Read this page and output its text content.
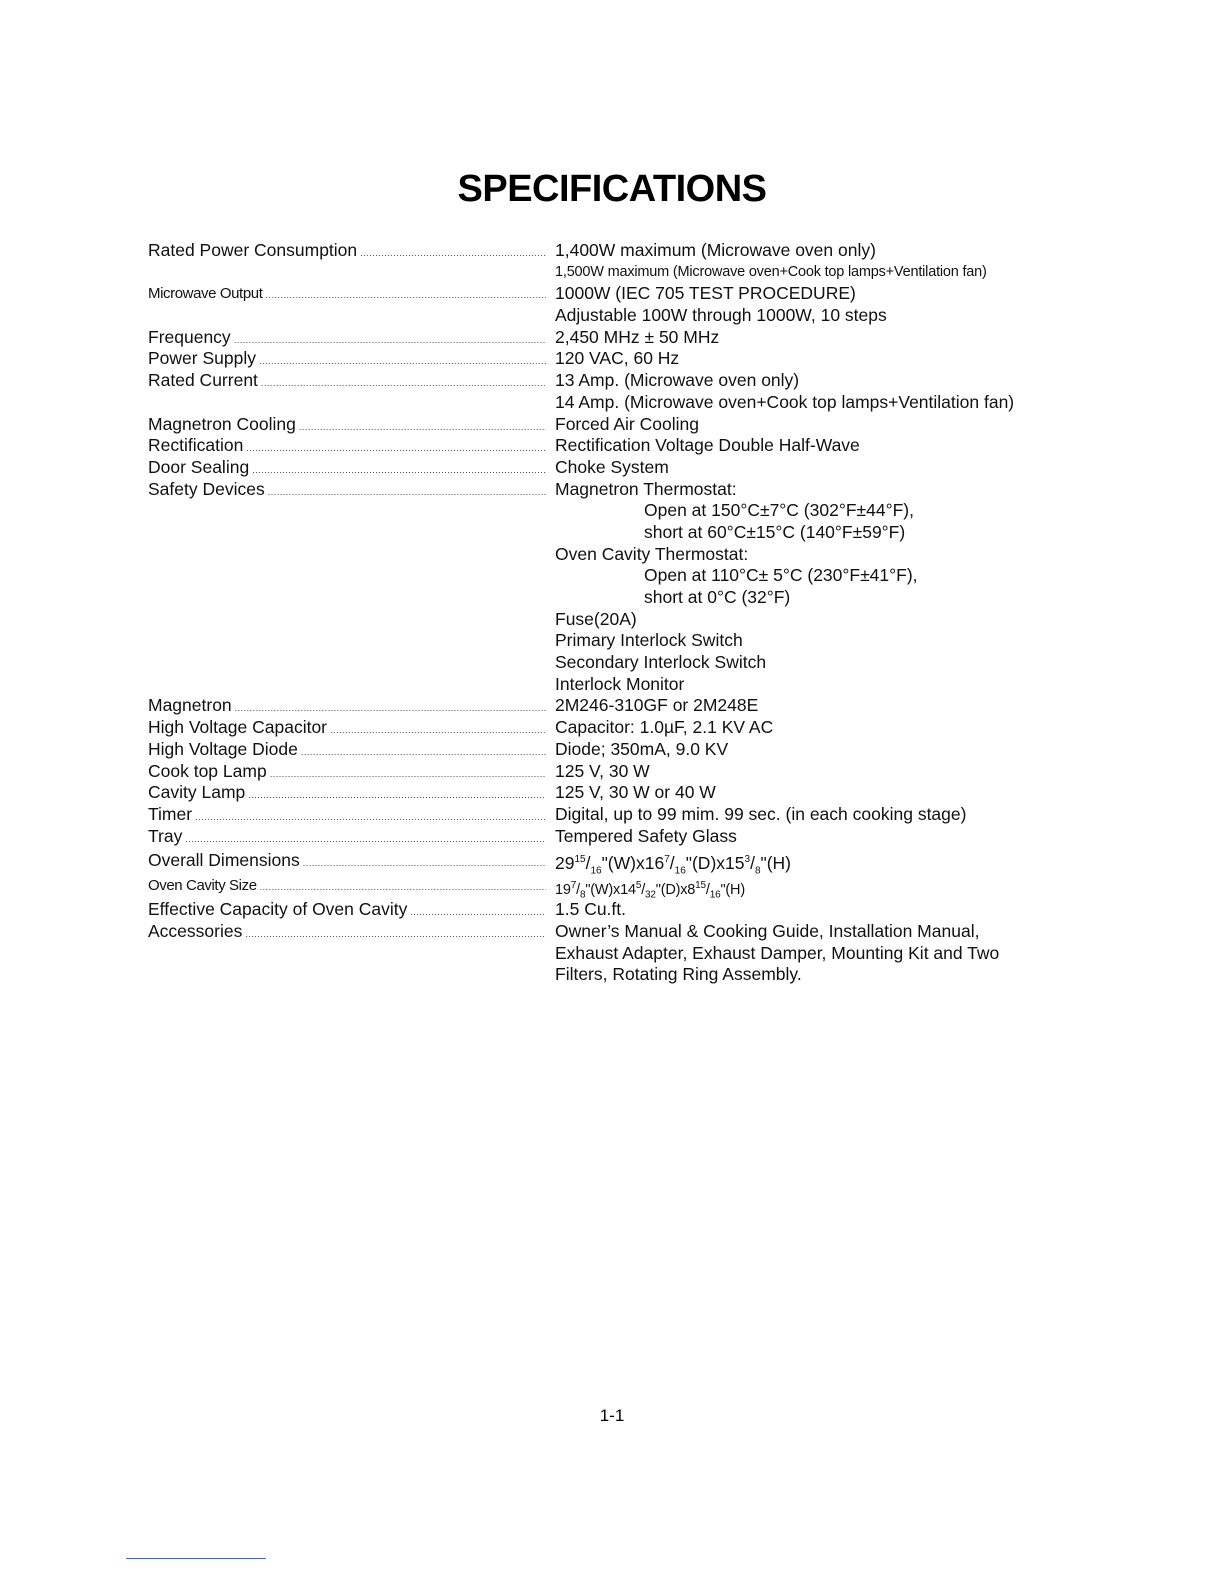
SPECIFICATIONS
Rated Power Consumption .....	1,400W maximum (Microwave oven only)
1,500W maximum (Microwave oven+Cook top lamps+Ventilation fan)
Microwave Output .....	1000W (IEC 705 TEST PROCEDURE)
Adjustable 100W through 1000W, 10 steps
Frequency .....	2,450 MHz ± 50 MHz
Power Supply .....	120 VAC, 60 Hz
Rated Current .....	13 Amp. (Microwave oven only)
14 Amp. (Microwave oven+Cook top lamps+Ventilation fan)
Magnetron Cooling .....	Forced Air Cooling
Rectification .....	Rectification Voltage Double Half-Wave
Door Sealing .....	Choke System
Safety Devices .....	Magnetron Thermostat:
Open at 150°C±7°C (302°F±44°F),
short at 60°C±15°C (140°F±59°F)
Oven Cavity Thermostat:
Open at 110°C± 5°C (230°F±41°F),
short at 0°C (32°F)
Fuse(20A)
Primary Interlock Switch
Secondary Interlock Switch
Interlock Monitor
Magnetron .....	2M246-310GF or 2M248E
High Voltage Capacitor .....	Capacitor: 1.0µF, 2.1 KV AC
High Voltage Diode .....	Diode; 350mA, 9.0 KV
Cook top Lamp .....	125 V, 30 W
Cavity Lamp .....	125 V, 30 W or 40 W
Timer .....	Digital, up to 99 mim. 99 sec. (in each cooking stage)
Tray .....	Tempered Safety Glass
Overall Dimensions .....	$29^{15}/_{16}"(W)x16^7/_{16}"(D)x15^3/_8"(H)$
Oven Cavity Size .....	$19^7/_8"(W)x14^5/_{32}"(D)x8^{15}/_{16}"(H)$
Effective Capacity of Oven Cavity .....	1.5 Cu.ft.
Accessories .....	Owner’s Manual & Cooking Guide, Installation Manual,
Exhaust Adapter, Exhaust Damper, Mounting Kit and Two
Filters, Rotating Ring Assembly.
1-1
